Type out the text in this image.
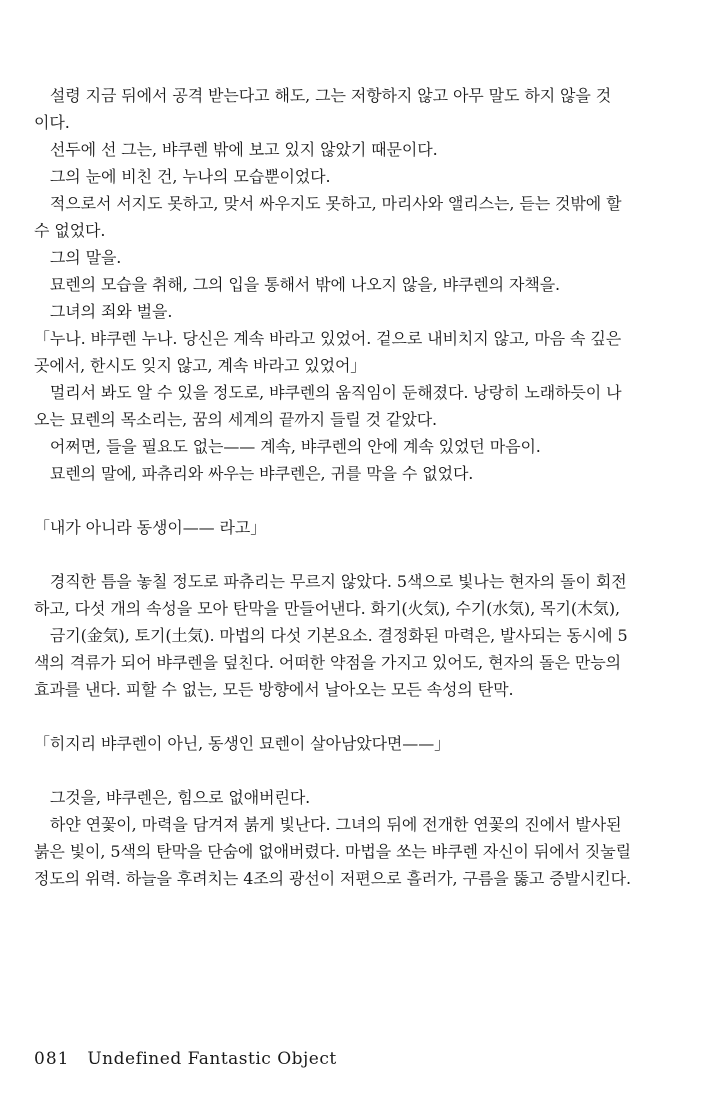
　설령 지금 뒤에서 공격 받는다고 해도, 그는 저항하지 않고 아무 말도 하지 않을 것
이다.
　선두에 선 그는, 뱌쿠렌 밖에 보고 있지 않았기 때문이다.
　그의 눈에 비친 건, 누나의 모습뿐이었다.
　적으로서 서지도 못하고, 맞서 싸우지도 못하고, 마리사와 앨리스는, 듣는 것밖에 할
수 없었다.
　그의 말을.
　묘렌의 모습을 취해, 그의 입을 통해서 밖에 나오지 않을, 뱌쿠렌의 자책을.
　그녀의 죄와 벌을.
「누나. 뱌쿠렌 누나. 당신은 계속 바라고 있었어. 겉으로 내비치지 않고, 마음 속 깊은
곳에서, 한시도 잊지 않고, 계속 바라고 있었어」
　멀리서 봐도 알 수 있을 정도로, 뱌쿠렌의 움직임이 둔해졌다. 낭랑히 노래하듯이 나
오는 묘렌의 목소리는, 꿈의 세계의 끝까지 들릴 것 같았다.
　어쩌면, 들을 필요도 없는—— 계속, 뱌쿠렌의 안에 계속 있었던 마음이.
　묘렌의 말에, 파츄리와 싸우는 뱌쿠렌은, 귀를 막을 수 없었다.
「내가 아니라 동생이—— 라고」
　경직한 틈을 놓칠 정도로 파츄리는 무르지 않았다. 5색으로 빛나는 현자의 돌이 회전
하고, 다섯 개의 속성을 모아 탄막을 만들어낸다. 화기(火気), 수기(水気), 목기(木気),
　금기(金気), 토기(土気). 마법의 다섯 기본요소. 결정화된 마력은, 발사되는 동시에 5
색의 격류가 되어 뱌쿠렌을 덮친다. 어떠한 약점을 가지고 있어도, 현자의 돌은 만능의
효과를 낸다. 피할 수 없는, 모든 방향에서 날아오는 모든 속성의 탄막.
「히지리 뱌쿠렌이 아닌, 동생인 묘렌이 살아남았다면——」
　그것을, 뱌쿠렌은, 힘으로 없애버린다.
　하얀 연꽃이, 마력을 담겨져 붉게 빛난다. 그녀의 뒤에 전개한 연꽃의 진에서 발사된
붉은 빛이, 5색의 탄막을 단숨에 없애버렸다. 마법을 쏘는 뱌쿠렌 자신이 뒤에서 짓눌릴
정도의 위력. 하늘을 후려치는 4조의 광선이 저편으로 흘러가, 구름을 뚫고 증발시킨다.
081 Undefined Fantastic Object
